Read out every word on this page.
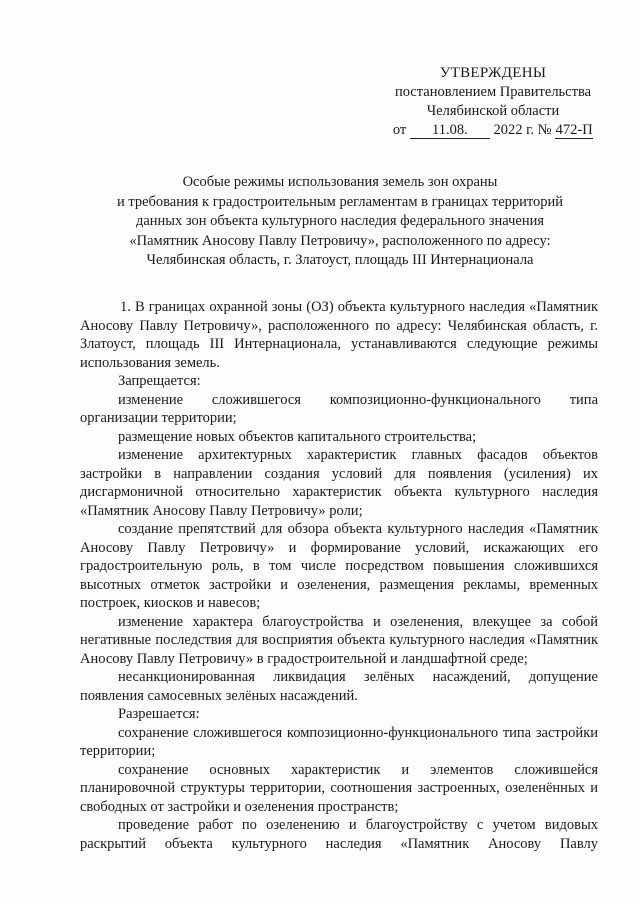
УТВЕРЖДЕНЫ
постановлением Правительства
Челябинской области
от 11.08. 2022 г. № 472-П
Особые режимы использования земель зон охраны
и требования к градостроительным регламентам в границах территорий
данных зон объекта культурного наследия федерального значения
«Памятник Аносову Павлу Петровичу», расположенного по адресу:
Челябинская область, г. Златоуст, площадь III Интернационала

1. В границах охранной зоны (ОЗ) объекта культурного наследия «Памятник Аносову Павлу Петровичу», расположенного по адресу: Челябинская область, г. Златоуст, площадь III Интернационала, устанавливаются следующие режимы использования земель.

Запрещается:

изменение сложившегося композиционно-функционального типа организации территории;

размещение новых объектов капитального строительства;

изменение архитектурных характеристик главных фасадов объектов застройки в направлении создания условий для появления (усиления) их дисгармоничной относительно характеристик объекта культурного наследия «Памятник Аносову Павлу Петровичу» роли;

создание препятствий для обзора объекта культурного наследия «Памятник Аносову Павлу Петровичу» и формирование условий, искажающих его градостроительную роль, в том числе посредством повышения сложившихся высотных отметок застройки и озеленения, размещения рекламы, временных построек, киосков и навесов;

изменение характера благоустройства и озеленения, влекущее за собой негативные последствия для восприятия объекта культурного наследия «Памятник Аносову Павлу Петровичу» в градостроительной и ландшафтной среде;

несанкционированная ликвидация зелёных насаждений, допущение появления самосевных зелёных насаждений.

Разрешается:

сохранение сложившегося композиционно-функционального типа застройки территории;

сохранение основных характеристик и элементов сложившейся планировочной структуры территории, соотношения застроенных, озеленённых и свободных от застройки и озеленения пространств;

проведение работ по озеленению и благоустройству с учетом видовых раскрытий объекта культурного наследия «Памятник Аносову Павлу
